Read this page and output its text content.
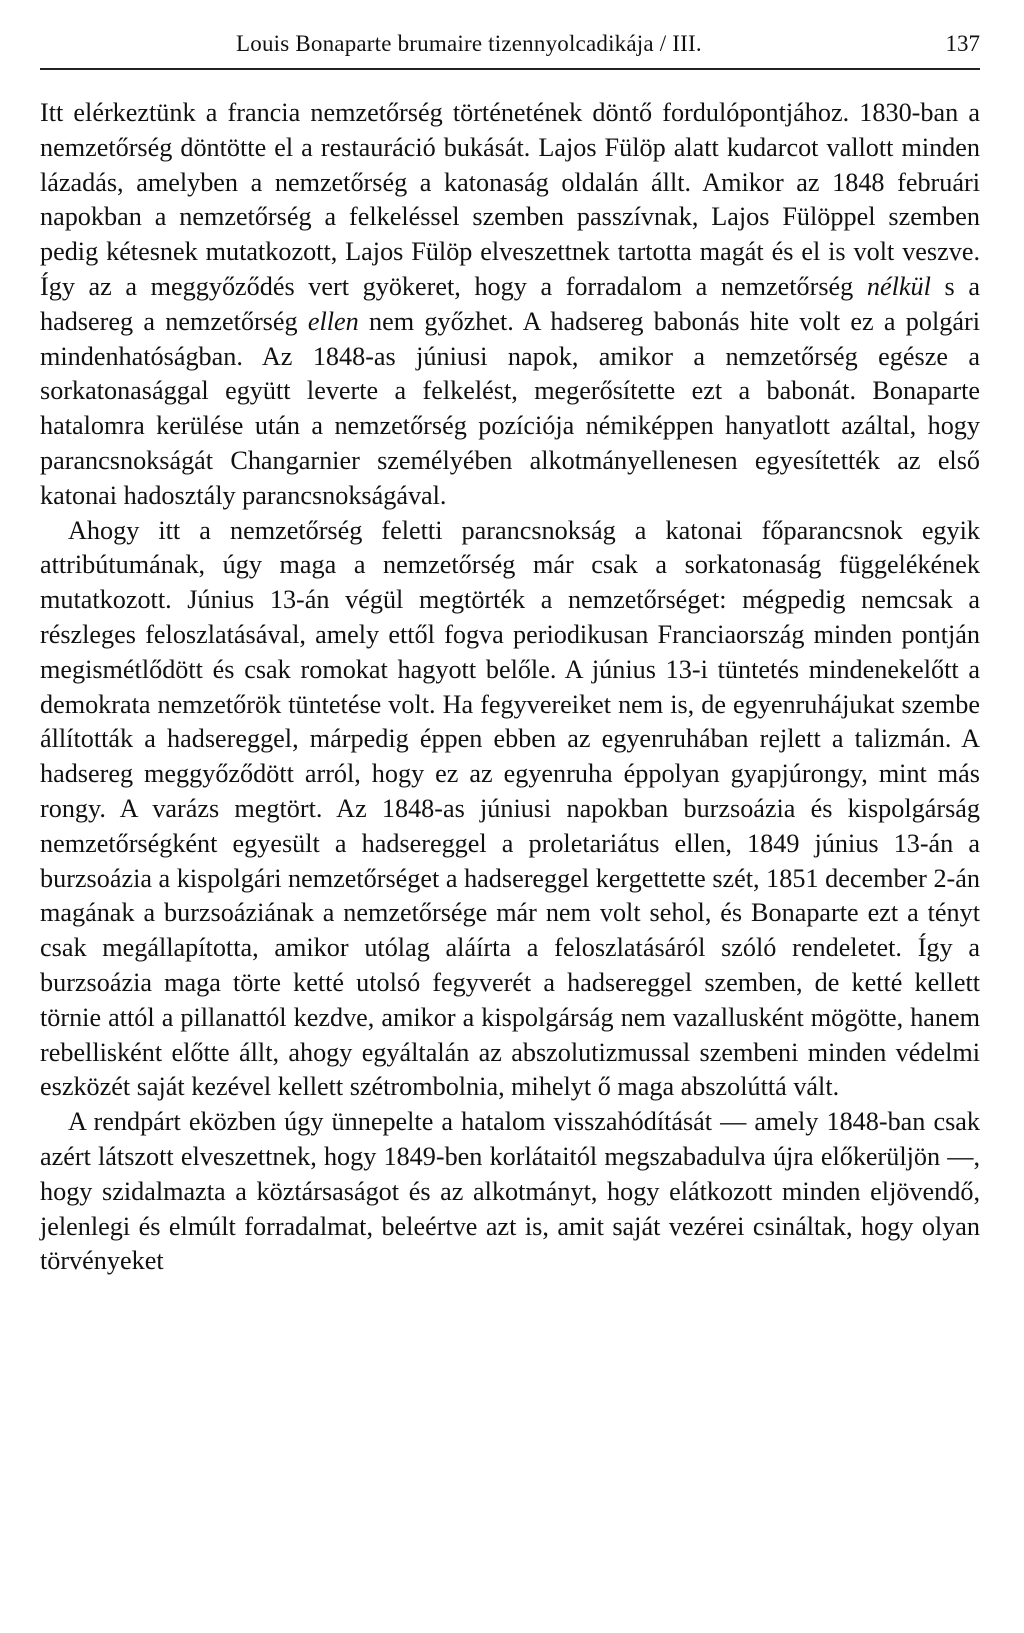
Louis Bonaparte brumaire tizennyolcadikája / III.	137

Itt elérkeztünk a francia nemzetőrség történetének döntő fordulópontjához. 1830-ban a nemzetőrség döntötte el a restauráció bukását. Lajos Fülöp alatt kudarcot vallott minden lázadás, amelyben a nemzetőrség a katonaság oldalán állt. Amikor az 1848 februári napokban a nemzetőrség a felkeléssel szemben passzívnak, Lajos Fülöppel szemben pedig kétesnek mutatkozott, Lajos Fülöp elveszettnek tartotta magát és el is volt veszve. Így az a meggyőződés vert gyökeret, hogy a forradalom a nemzetőrség nélkül s a hadsereg a nemzetőrség ellen nem győzhet. A hadsereg babonás hite volt ez a polgári mindenhatóságban. Az 1848-as júniusi napok, amikor a nemzetőrség egésze a sorkatonasággal együtt leverte a felkelést, megerősítette ezt a babonát. Bonaparte hatalomra kerülése után a nemzetőrség pozíciója némiképpen hanyatlott azáltal, hogy parancsnokságát Changarnier személyében alkotmányellenesen egyesítették az első katonai hadosztály parancsnokságával.

Ahogy itt a nemzetőrség feletti parancsnokság a katonai főparancsnok egyik attribútumának, úgy maga a nemzetőrség már csak a sorkatonaság függelékének mutatkozott. Június 13-án végül megtörték a nemzetőrséget: mégpedig nemcsak a részleges feloszlatásával, amely ettől fogva periodikusan Franciaország minden pontján megismétlődött és csak romokat hagyott belőle. A június 13-i tüntetés mindenekelőtt a demokrata nemzetőrök tüntetése volt. Ha fegyvereiket nem is, de egyenruhájukat szembe állították a hadsereggel, márpedig éppen ebben az egyenruhában rejlett a talizmán. A hadsereg meggyőződött arról, hogy ez az egyenruha éppolyan gyapjúrongy, mint más rongy. A varázs megtört. Az 1848-as júniusi napokban burzsoázia és kispolgárság nemzetőrségként egyesült a hadsereggel a proletariátus ellen, 1849 június 13-án a burzsoázia a kispolgári nemzetőrséget a hadsereggel kergettette szét, 1851 december 2-án magának a burzsoáziának a nemzetőrsége már nem volt sehol, és Bonaparte ezt a tényt csak megállapította, amikor utólag aláírta a feloszlatásáról szóló rendeletet. Így a burzsoázia maga törte ketté utolsó fegyverét a hadsereggel szemben, de ketté kellett törnie attól a pillanattól kezdve, amikor a kispolgárság nem vazallusként mögötte, hanem rebellisként előtte állt, ahogy egyáltalán az abszolutizmussal szembeni minden védelmi eszközét saját kezével kellett szétrombolnia, mihelyt ő maga abszolúttá vált.

A rendpárt eközben úgy ünnepelte a hatalom visszahódítását — amely 1848-ban csak azért látszott elveszettnek, hogy 1849-ben korlátaitól megszabadulva újra előkerüljön —, hogy szidalmazta a köztársaságot és az alkotmányt, hogy elátkozott minden eljövendő, jelenlegi és elmúlt forradalmat, beleértve azt is, amit saját vezérei csináltak, hogy olyan törvényeket
